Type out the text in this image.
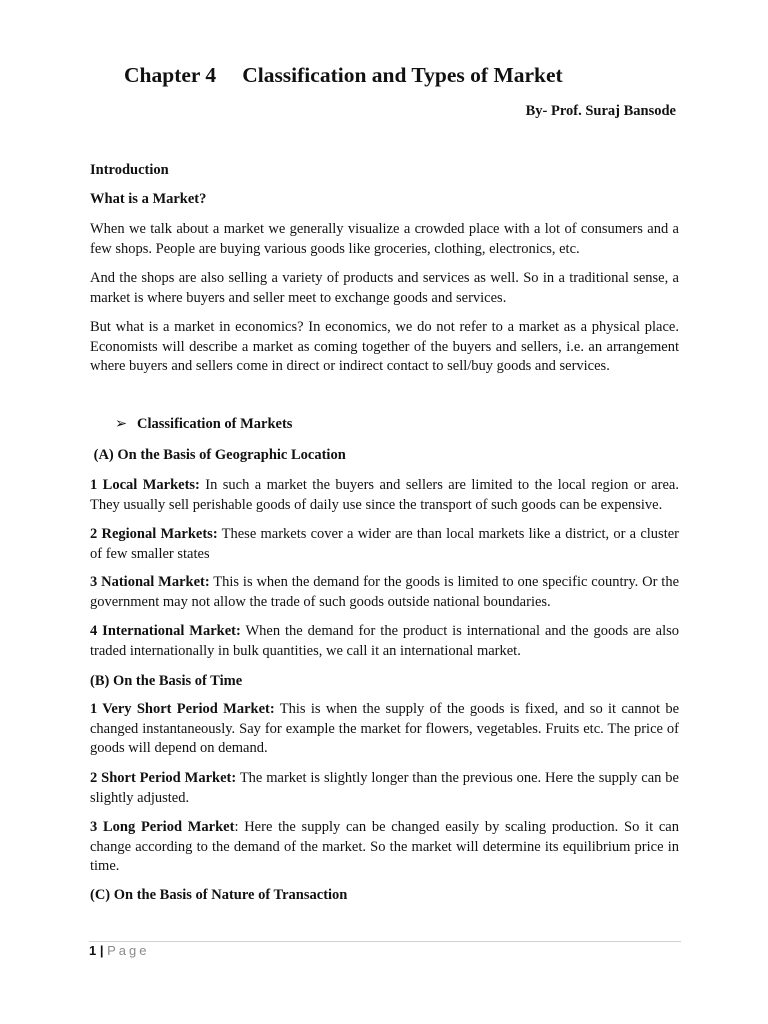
Chapter 4 Classification and Types of Market
By- Prof. Suraj Bansode
Introduction
What is a Market?
When we talk about a market we generally visualize a crowded place with a lot of consumers and a few shops. People are buying various goods like groceries, clothing, electronics, etc.
And the shops are also selling a variety of products and services as well. So in a traditional sense, a market is where buyers and seller meet to exchange goods and services.
But what is a market in economics? In economics, we do not refer to a market as a physical place. Economists will describe a market as coming together of the buyers and sellers, i.e. an arrangement where buyers and sellers come in direct or indirect contact to sell/buy goods and services.
➢ Classification of Markets
(A) On the Basis of Geographic Location
1 Local Markets: In such a market the buyers and sellers are limited to the local region or area. They usually sell perishable goods of daily use since the transport of such goods can be expensive.
2 Regional Markets: These markets cover a wider are than local markets like a district, or a cluster of few smaller states
3 National Market: This is when the demand for the goods is limited to one specific country. Or the government may not allow the trade of such goods outside national boundaries.
4 International Market: When the demand for the product is international and the goods are also traded internationally in bulk quantities, we call it an international market.
(B) On the Basis of Time
1 Very Short Period Market: This is when the supply of the goods is fixed, and so it cannot be changed instantaneously. Say for example the market for flowers, vegetables. Fruits etc. The price of goods will depend on demand.
2 Short Period Market: The market is slightly longer than the previous one. Here the supply can be slightly adjusted.
3 Long Period Market: Here the supply can be changed easily by scaling production. So it can change according to the demand of the market. So the market will determine its equilibrium price in time.
(C) On the Basis of Nature of Transaction
1 | Page
